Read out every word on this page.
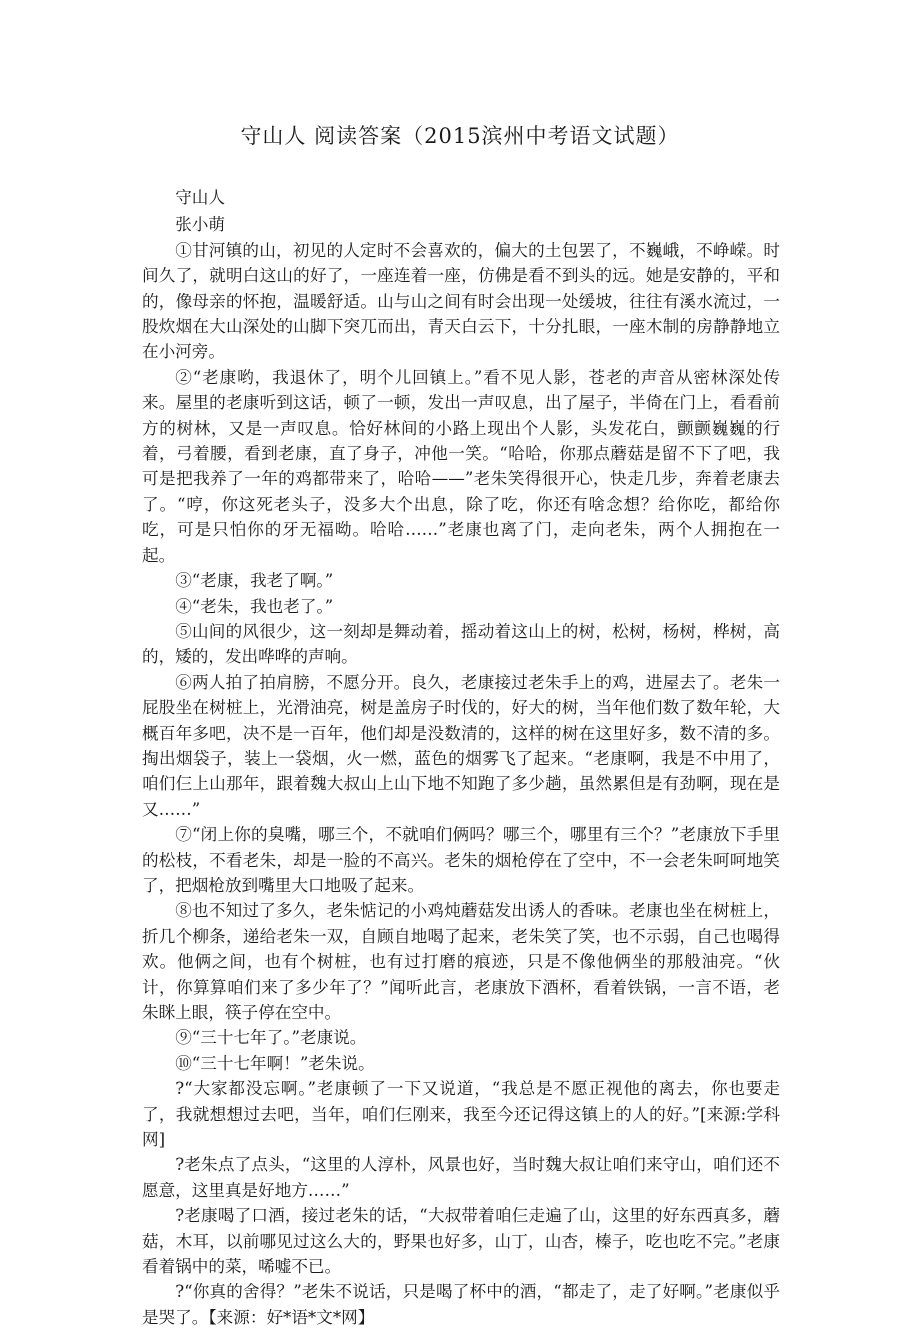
守山人 阅读答案（2015滨州中考语文试题）

守山人

张小萌

①甘河镇的山，初见的人定时不会喜欢的，偏大的土包罢了，不巍峨，不峥嵘。时间久了，就明白这山的好了，一座连着一座，仿佛是看不到头的远。她是安静的，平和的，像母亲的怀抱，温暖舒适。山与山之间有时会出现一处缓坡，往往有溪水流过，一股炊烟在大山深处的山脚下突兀而出，青天白云下，十分扎眼，一座木制的房静静地立在小河旁。

②“老康哟，我退休了，明个儿回镇上。”看不见人影，苍老的声音从密林深处传来。屋里的老康听到这话，顿了一顿，发出一声叹息，出了屋子，半倚在门上，看看前方的树林，又是一声叹息。恰好林间的小路上现出个人影，头发花白，颤颤巍巍的行着，弓着腰，看到老康，直了身子，冲他一笑。“哈哈，你那点蘑菇是留不下了吧，我可是把我养了一年的鸡都带来了，哈哈——”老朱笑得很开心，快走几步，奔着老康去了。“哼，你这死老头子，没多大个出息，除了吃，你还有啥念想？给你吃，都给你吃，可是只怕你的牙无福呦。哈哈……”老康也离了门，走向老朱，两个人拥抱在一起。

③“老康，我老了啊。”

④“老朱，我也老了。”

⑤山间的风很少，这一刻却是舞动着，摇动着这山上的树，松树，杨树，桦树，高的，矮的，发出哗哗的声响。

⑥两人拍了拍肩膀，不愿分开。良久，老康接过老朱手上的鸡，进屋去了。老朱一屁股坐在树桩上，光滑油亮，树是盖房子时伐的，好大的树，当年他们数了数年轮，大概百年多吧，决不是一百年，他们却是没数清的，这样的树在这里好多，数不清的多。掏出烟袋子，装上一袋烟，火一燃，蓝色的烟雾飞了起来。“老康啊，我是不中用了，咱们仨上山那年，跟着魏大叔山上山下地不知跑了多少趟，虽然累但是有劲啊，现在是又……”

⑦“闭上你的臭嘴，哪三个，不就咱们俩吗？哪三个，哪里有三个？”老康放下手里的松枝，不看老朱，却是一脸的不高兴。老朱的烟枪停在了空中，不一会老朱呵呵地笑了，把烟枪放到嘴里大口地吸了起来。

⑧也不知过了多久，老朱惦记的小鸡炖蘑菇发出诱人的香味。老康也坐在树桩上，折几个柳条，递给老朱一双，自顾自地喝了起来，老朱笑了笑，也不示弱，自己也喝得欢。他俩之间，也有个树桩，也有过打磨的痕迹，只是不像他俩坐的那般油亮。“伙计，你算算咱们来了多少年了？”闻听此言，老康放下酒杯，看着铁锅，一言不语，老朱眯上眼，筷子停在空中。

⑨“三十七年了。”老康说。

⑩“三十七年啊！”老朱说。

?“大家都没忘啊。”老康顿了一下又说道，“我总是不愿正视他的离去，你也要走了，我就想想过去吧，当年，咱们仨刚来，我至今还记得这镇上的人的好。”[来源:学科网]

?老朱点了点头，“这里的人淳朴，风景也好，当时魏大叔让咱们来守山，咱们还不愿意，这里真是好地方……”

?老康喝了口酒，接过老朱的话，“大叔带着咱仨走遍了山，这里的好东西真多，蘑菇，木耳，以前哪见过这么大的，野果也好多，山丁，山杏，榛子，吃也吃不完。”老康看着锅中的菜，唏嘘不已。

?“你真的舍得？”老朱不说话，只是喝了杯中的酒，“都走了，走了好啊。”老康似乎是哭了。【来源：好*语*文*网】
